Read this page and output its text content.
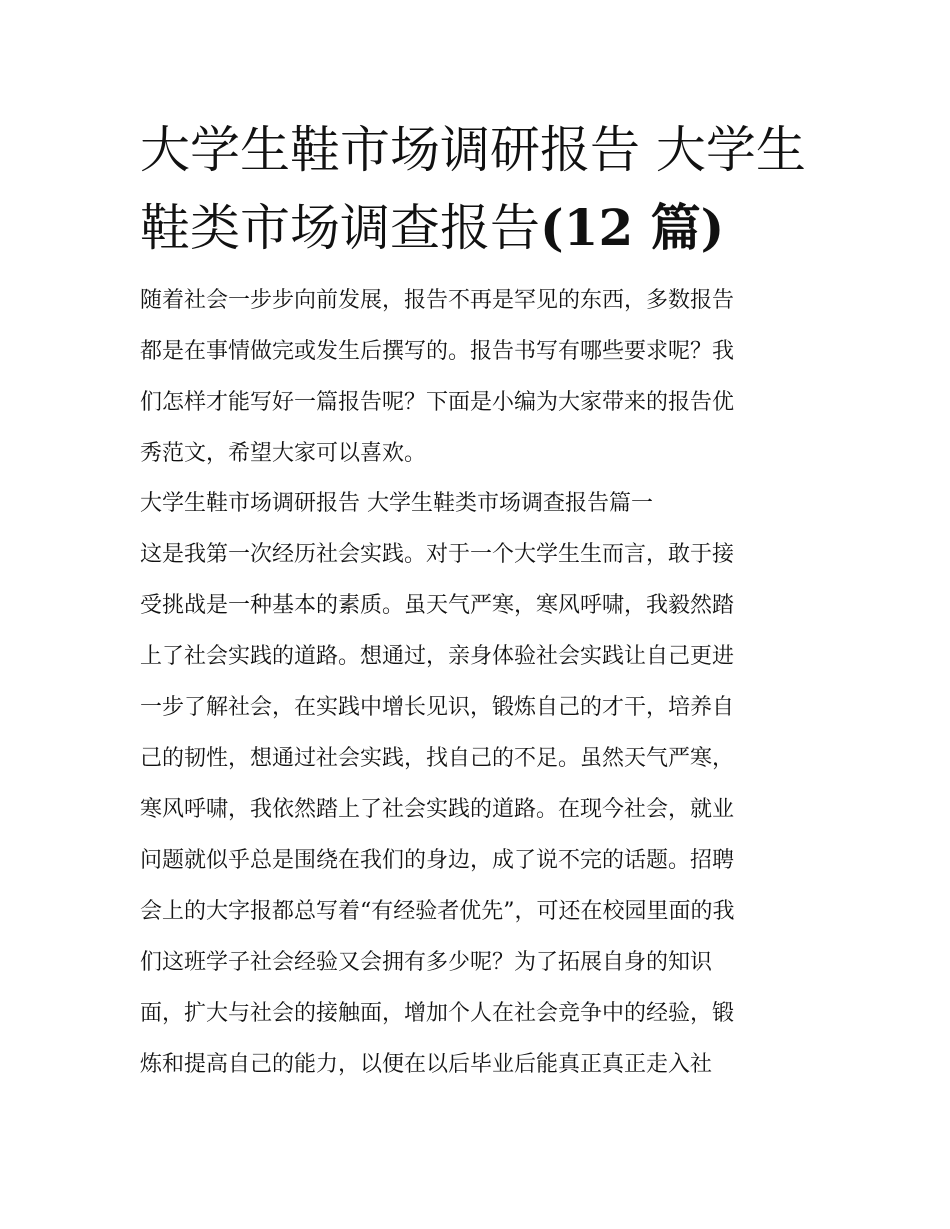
大学生鞋市场调研报告 大学生
鞋类市场调查报告(12 篇)
随着社会一步步向前发展，报告不再是罕见的东西，多数报告
都是在事情做完或发生后撰写的。报告书写有哪些要求呢？我
们怎样才能写好一篇报告呢？下面是小编为大家带来的报告优
秀范文，希望大家可以喜欢。
大学生鞋市场调研报告 大学生鞋类市场调查报告篇一
这是我第一次经历社会实践。对于一个大学生生而言，敢于接
受挑战是一种基本的素质。虽天气严寒，寒风呼啸，我毅然踏
上了社会实践的道路。想通过，亲身体验社会实践让自己更进
一步了解社会，在实践中增长见识，锻炼自己的才干，培养自
己的韧性，想通过社会实践，找自己的不足。虽然天气严寒，
寒风呼啸，我依然踏上了社会实践的道路。在现今社会，就业
问题就似乎总是围绕在我们的身边，成了说不完的话题。招聘
会上的大字报都总写着“有经验者优先”，可还在校园里面的我
们这班学子社会经验又会拥有多少呢？为了拓展自身的知识
面，扩大与社会的接触面，增加个人在社会竞争中的经验，锻
炼和提高自己的能力，以便在以后毕业后能真正真正走入社
